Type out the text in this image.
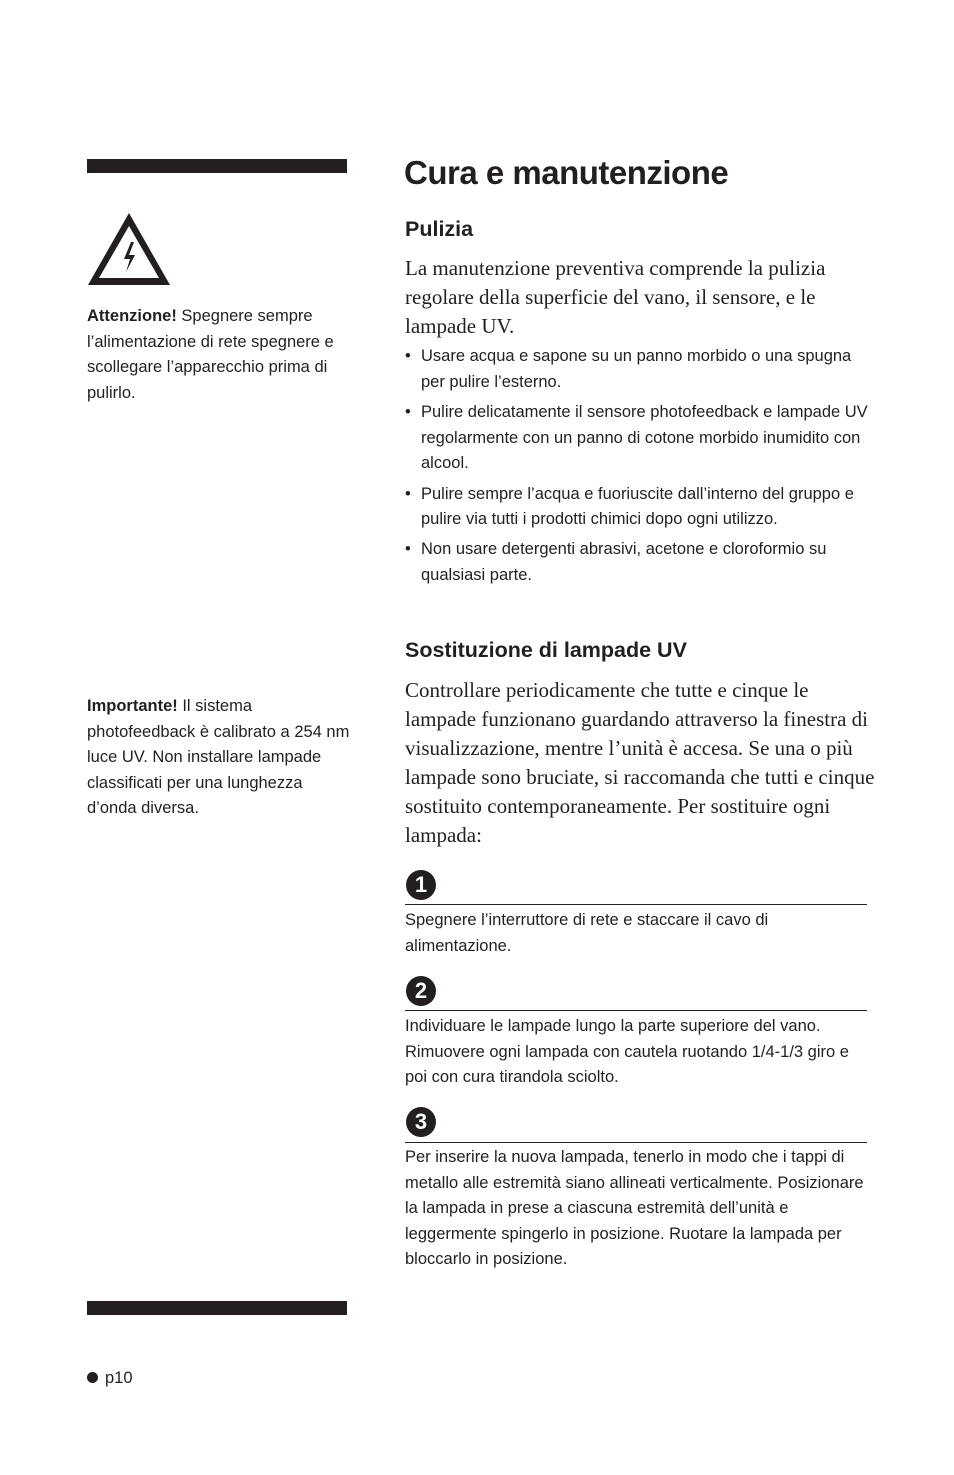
Attenzione! Spegnere sempre l’alimentazione di rete spegnere e scollegare l’apparecchio prima di pulirlo.
Importante! Il sistema photofeedback è calibrato a 254 nm luce UV. Non installare lampade classificati per una lunghezza d’onda diversa.
Cura e manutenzione
Pulizia
La manutenzione preventiva comprende la pulizia regolare della superficie del vano, il sensore, e le lampade UV.
• Usare acqua e sapone su un panno morbido o una spugna per pulire l’esterno.
• Pulire delicatamente il sensore photofeedback e lampade UV regolarmente con un panno di cotone morbido inumidito con alcool.
• Pulire sempre l’acqua e fuoriuscite dall’interno del gruppo e pulire via tutti i prodotti chimici dopo ogni utilizzo.
• Non usare detergenti abrasivi, acetone e cloroformio su qualsiasi parte.
Sostituzione di lampade UV
Controllare periodicamente che tutte e cinque le lampade funzionano guardando attraverso la finestra di visualizzazione, mentre l’unità è accesa. Se una o più lampade sono bruciate, si raccomanda che tutti e cinque sostituito contemporaneamente. Per sostituire ogni lampada:
1
Spegnere l’interruttore di rete e staccare il cavo di alimentazione.
2
Individuare le lampade lungo la parte superiore del vano. Rimuovere ogni lampada con cautela ruotando 1/4-1/3 giro e poi con cura tirandola sciolto.
3
Per inserire la nuova lampada, tenerlo in modo che i tappi di metallo alle estremità siano allineati verticalmente. Posizionare la lampada in prese a ciascuna estremità dell’unità e leggermente spingerlo in posizione. Ruotare la lampada per bloccarlo in posizione.
p10
